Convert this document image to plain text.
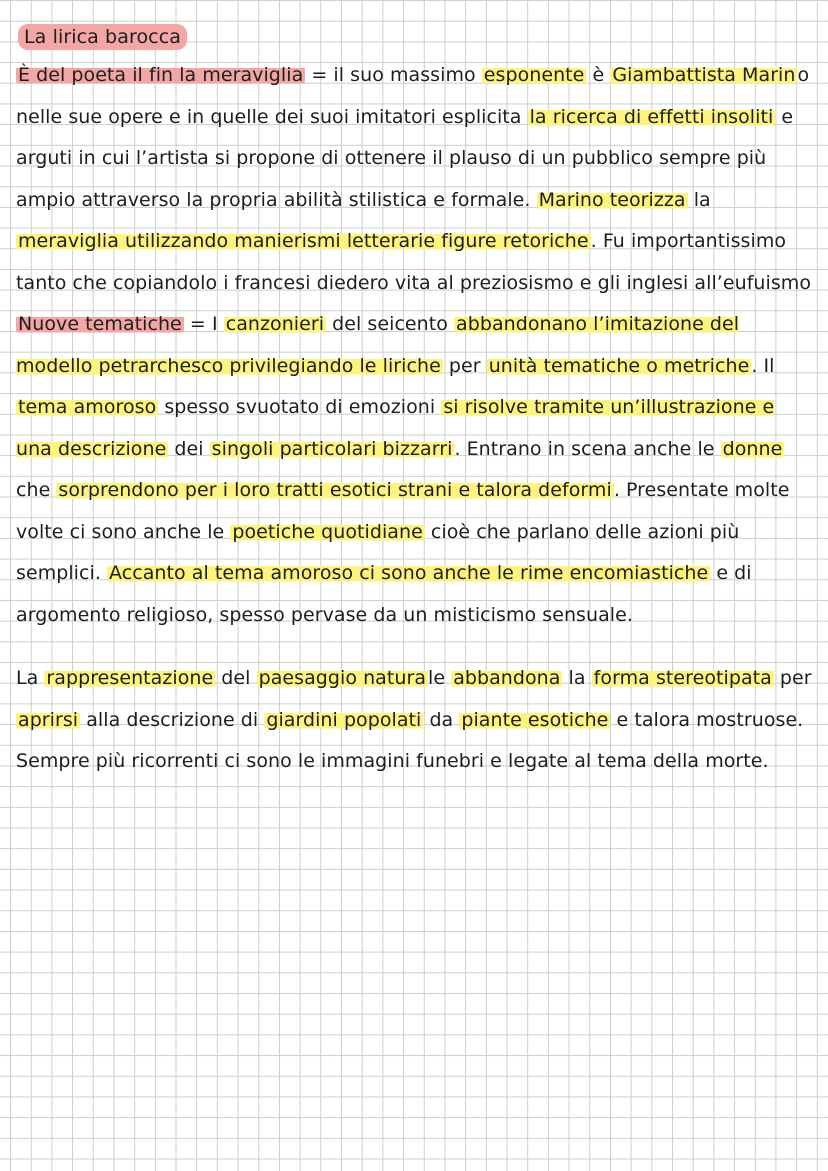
La lirica barocca

È del poeta il fin la meraviglia = il suo massimo esponente è Giambattista Marin o nelle sue opere e in quelle dei suoi imitatori esplicita la ricerca di effetti insoliti e arguti in cui l’artista si propone di ottenere il plauso di un pubblico sempre più ampio attraverso la propria abilità stilistica e formale. Marino teorizza la meraviglia utilizzando manierismi letterarie figure retoriche . Fu importantissimo tanto che copiandolo i francesi diedero vita al preziosismo e gli inglesi all’eufuismo

Nuove tematiche = I canzonieri del seicento abbandonano l’imitazione del modello petrarchesco privilegiando le liriche per unità tematiche o metriche . Il tema amoroso spesso svuotato di emozioni si risolve tramite un’illustrazione e una descrizione dei singoli particolari bizzarri . Entrano in scena anche le donne che sorprendono per i loro tratti esotici strani e talora deformi . Presentate molte volte ci sono anche le poetiche quotidiane cioè che parlano delle azioni più semplici. Accanto al tema amoroso ci sono anche le rime encomiastiche e di argomento religioso, spesso pervase da un misticismo sensuale.

La rappresentazione del paesaggio natura le abbandona la forma stereotipata per aprirsi alla descrizione di giardini popolati da piante esotiche e talora mostruose. Sempre più ricorrenti ci sono le immagini funebri e legate al tema della morte.
